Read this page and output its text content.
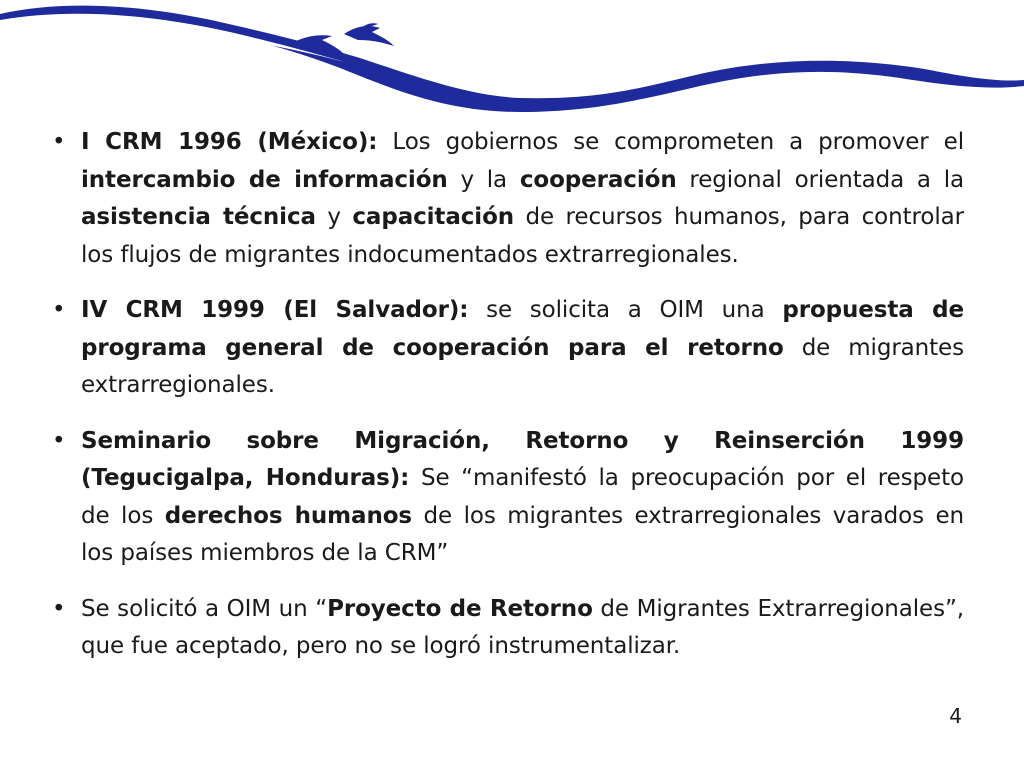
• I CRM 1996 (México): Los gobiernos se comprometen a promover el intercambio de información y la cooperación regional orientada a la asistencia técnica y capacitación de recursos humanos, para controlar los flujos de migrantes indocumentados extrarregionales.
• IV CRM 1999 (El Salvador): se solicita a OIM una propuesta de programa general de cooperación para el retorno de migrantes extrarregionales.
• Seminario sobre Migración, Retorno y Reinserción 1999 (Tegucigalpa, Honduras): Se “manifestó la preocupación por el respeto de los derechos humanos de los migrantes extrarregionales varados en los países miembros de la CRM”
• Se solicitó a OIM un “Proyecto de Retorno de Migrantes Extrarregionales”, que fue aceptado, pero no se logró instrumentalizar.
4
